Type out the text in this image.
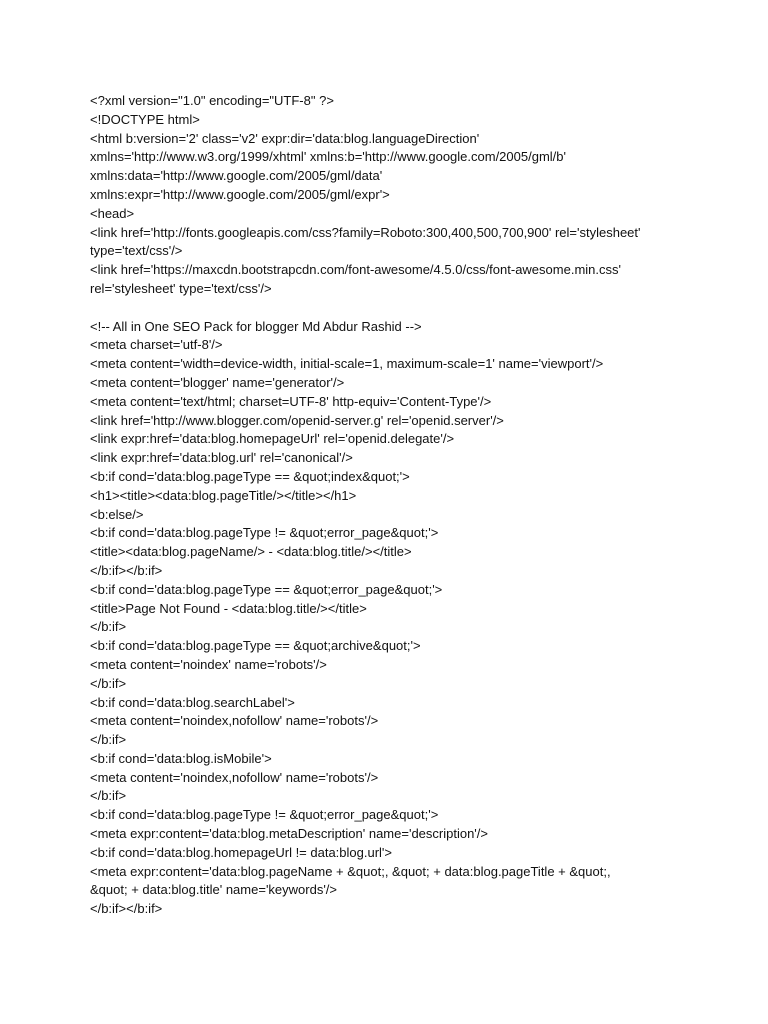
<?xml version="1.0" encoding="UTF-8" ?>
<!DOCTYPE html>
<html b:version='2' class='v2' expr:dir='data:blog.languageDirection'
xmlns='http://www.w3.org/1999/xhtml' xmlns:b='http://www.google.com/2005/gml/b'
xmlns:data='http://www.google.com/2005/gml/data'
xmlns:expr='http://www.google.com/2005/gml/expr'>
<head>
<link href='http://fonts.googleapis.com/css?family=Roboto:300,400,500,700,900' rel='stylesheet'
type='text/css'/>
<link href='https://maxcdn.bootstrapcdn.com/font-awesome/4.5.0/css/font-awesome.min.css'
rel='stylesheet' type='text/css'/>
<!-- All in One SEO Pack for blogger Md Abdur Rashid -->
<meta charset='utf-8'/>
<meta content='width=device-width, initial-scale=1, maximum-scale=1' name='viewport'/>
<meta content='blogger' name='generator'/>
<meta content='text/html; charset=UTF-8' http-equiv='Content-Type'/>
<link href='http://www.blogger.com/openid-server.g' rel='openid.server'/>
<link expr:href='data:blog.homepageUrl' rel='openid.delegate'/>
<link expr:href='data:blog.url' rel='canonical'/>
<b:if cond='data:blog.pageType == &quot;index&quot;'>
<h1><title><data:blog.pageTitle/></title></h1>
<b:else/>
<b:if cond='data:blog.pageType != &quot;error_page&quot;'>
<title><data:blog.pageName/> - <data:blog.title/></title>
</b:if></b:if>
<b:if cond='data:blog.pageType == &quot;error_page&quot;'>
<title>Page Not Found - <data:blog.title/></title>
</b:if>
<b:if cond='data:blog.pageType == &quot;archive&quot;'>
<meta content='noindex' name='robots'/>
</b:if>
<b:if cond='data:blog.searchLabel'>
<meta content='noindex,nofollow' name='robots'/>
</b:if>
<b:if cond='data:blog.isMobile'>
<meta content='noindex,nofollow' name='robots'/>
</b:if>
<b:if cond='data:blog.pageType != &quot;error_page&quot;'>
<meta expr:content='data:blog.metaDescription' name='description'/>
<b:if cond='data:blog.homepageUrl != data:blog.url'>
<meta expr:content='data:blog.pageName + &quot;, &quot; + data:blog.pageTitle + &quot;,
&quot; + data:blog.title' name='keywords'/>
</b:if></b:if>
